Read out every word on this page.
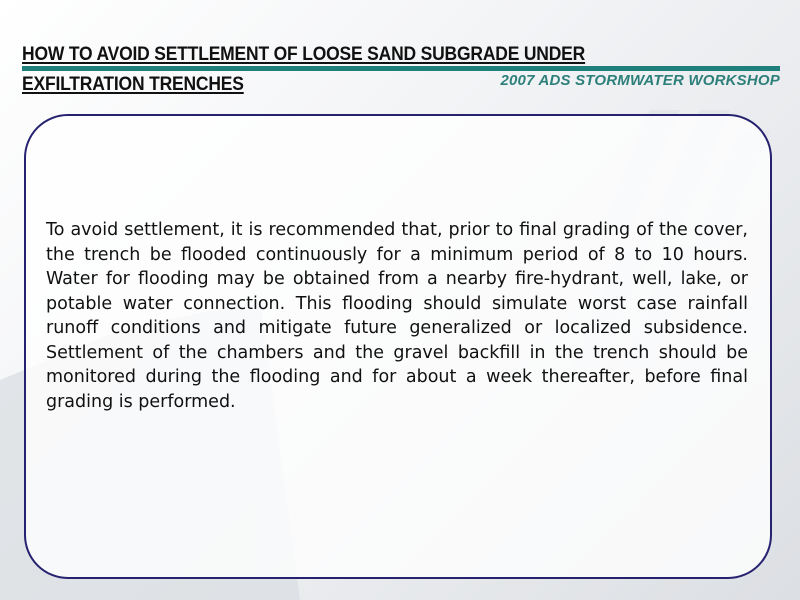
HOW TO AVOID SETTLEMENT OF LOOSE SAND SUBGRADE UNDER
EXFILTRATION TRENCHES	2007 ADS STORMWATER WORKSHOP
To avoid settlement, it is recommended that, prior to final grading of the cover, the trench be flooded continuously for a minimum period of 8 to 10 hours. Water for flooding may be obtained from a nearby fire-hydrant, well, lake, or potable water connection. This flooding should simulate worst case rainfall runoff conditions and mitigate future generalized or localized subsidence. Settlement of the chambers and the gravel backfill in the trench should be monitored during the flooding and for about a week thereafter, before final grading is performed.
